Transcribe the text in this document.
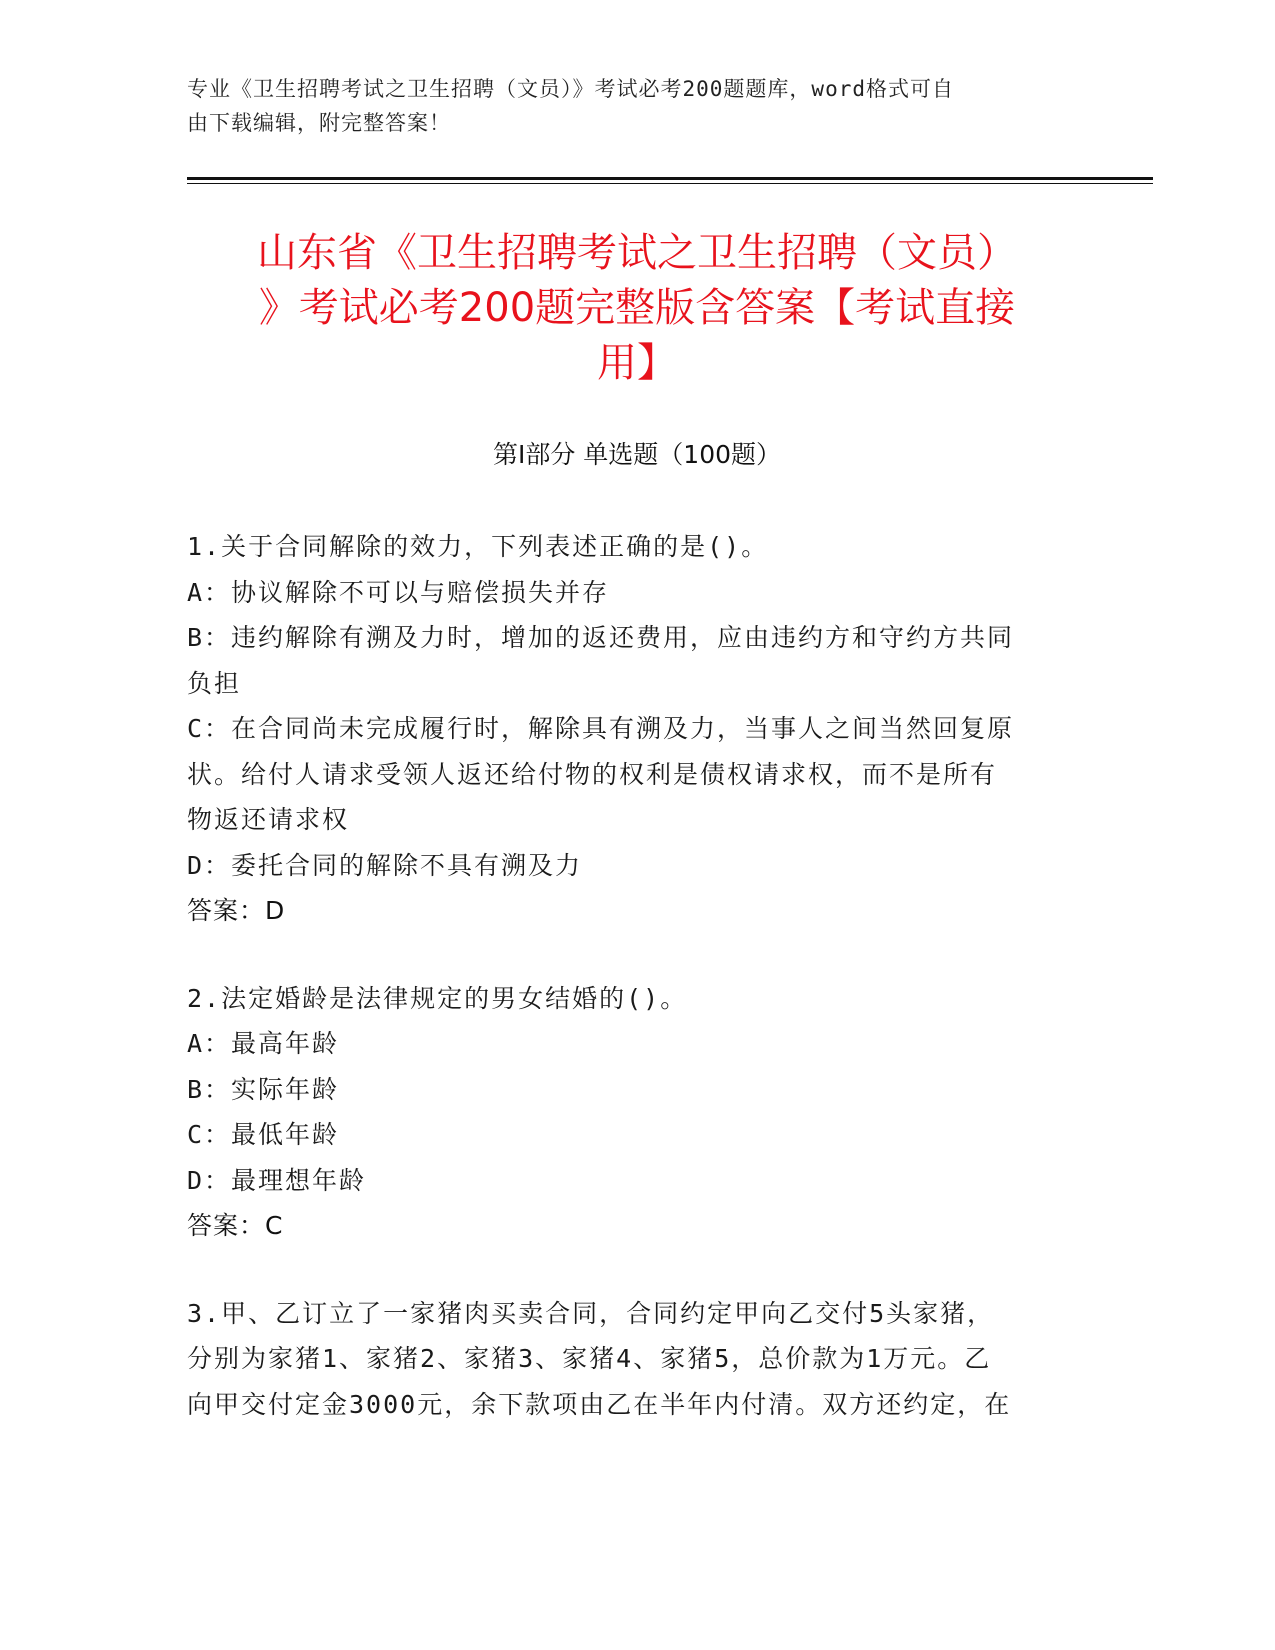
专业《卫生招聘考试之卫生招聘（文员）》考试必考200题题库，word格式可自
由下载编辑，附完整答案！
山东省《卫生招聘考试之卫生招聘（文员）
》考试必考200题完整版含答案【考试直接
用】
第Ⅰ部分 单选题（100题）
1.关于合同解除的效力，下列表述正确的是()。
A：协议解除不可以与赔偿损失并存
B：违约解除有溯及力时，增加的返还费用，应由违约方和守约方共同
负担
C：在合同尚未完成履行时，解除具有溯及力，当事人之间当然回复原
状。给付人请求受领人返还给付物的权利是债权请求权，而不是所有
物返还请求权
D：委托合同的解除不具有溯及力
答案：D
2.法定婚龄是法律规定的男女结婚的()。
A：最高年龄
B：实际年龄
C：最低年龄
D：最理想年龄
答案：C
3.甲、乙订立了一家猪肉买卖合同，合同约定甲向乙交付5头家猪，
分别为家猪1、家猪2、家猪3、家猪4、家猪5，总价款为1万元。乙
向甲交付定金3000元，余下款项由乙在半年内付清。双方还约定，在
